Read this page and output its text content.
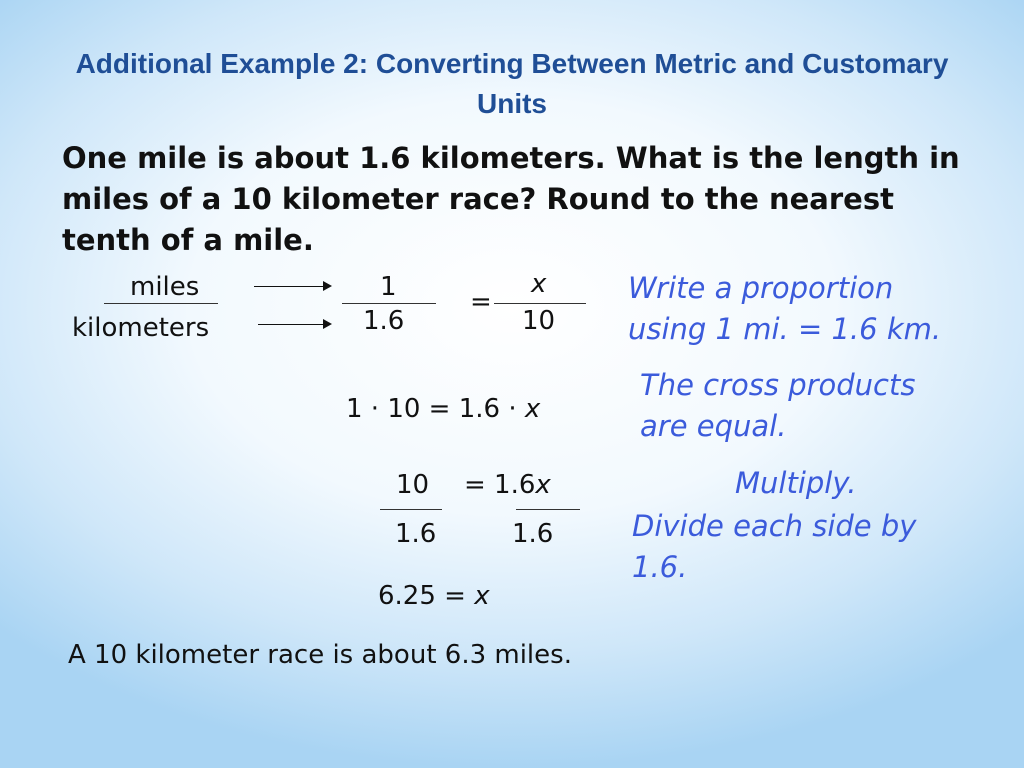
Additional Example 2: Converting Between Metric and Customary Units
One mile is about 1.6 kilometers. What is the length in miles of a 10 kilometer race? Round to the nearest tenth of a mile.
miles
kilometers
1
1.6
=
x
10
1 · 10 = 1.6 · x
10 = 1.6x
1.6	1.6
6.25 = x
A 10 kilometer race is about 6.3 miles.
Write a proportion
using 1 mi. = 1.6 km.
The cross products
are equal.
Multiply.
Divide each side by
1.6.
